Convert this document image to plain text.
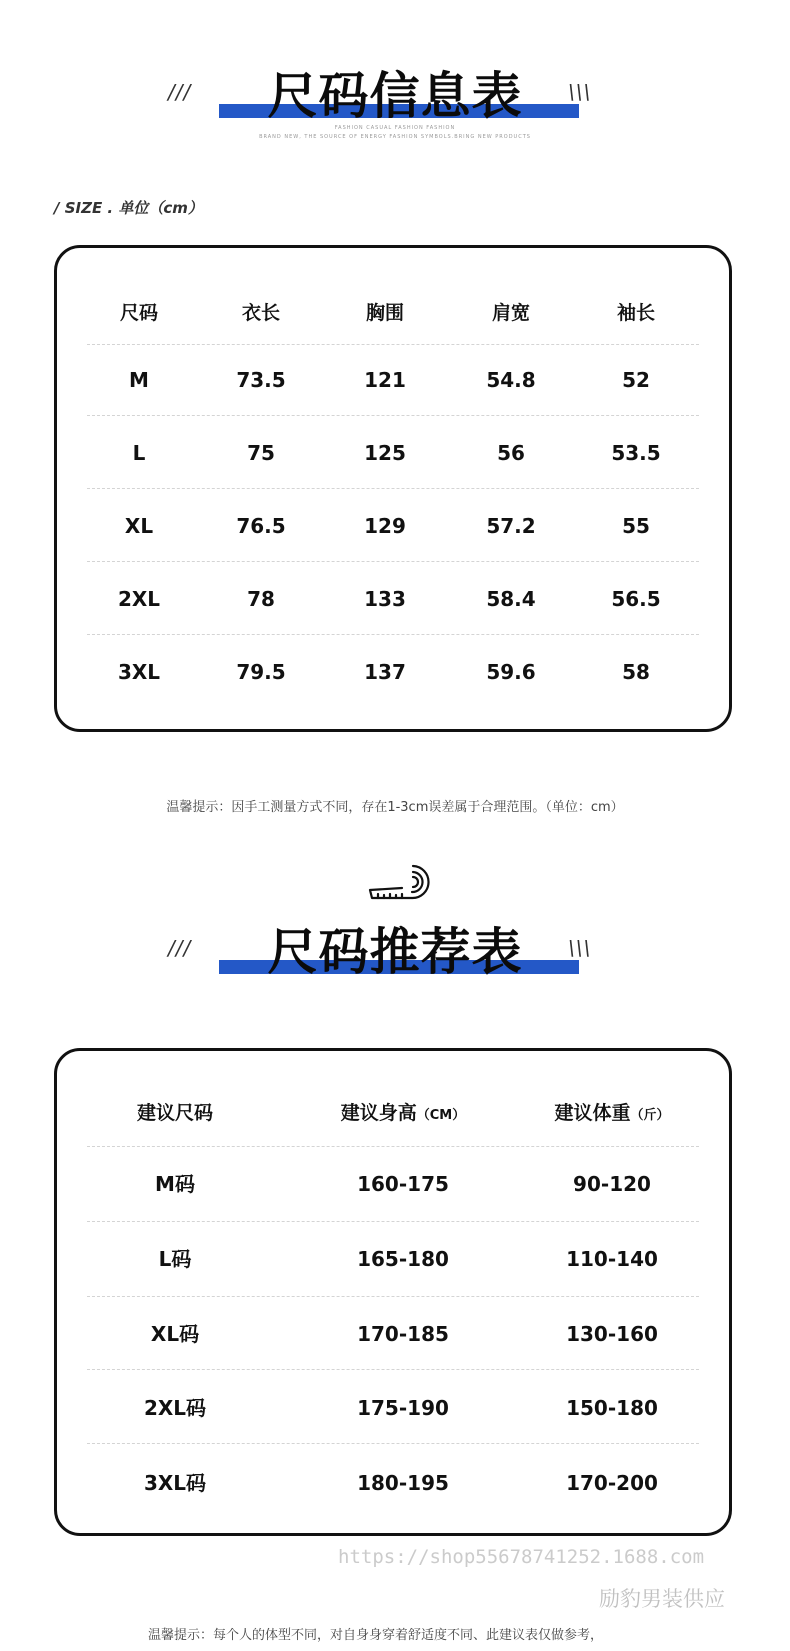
///	\\\
尺码信息表
FASHION CASUAL FASHION FASHION
BRAND NEW, THE SOURCE OF ENERGY FASHION SYMBOLS.BRING NEW PRODUCTS
/ SIZE . 单位（cm）
尺码	衣长	胸围	肩宽	袖长
M	73.5	121	54.8	52
L	75	125	56	53.5
XL	76.5	129	57.2	55
2XL	78	133	58.4	56.5
3XL	79.5	137	59.6	58
温馨提示：因手工测量方式不同，存在1-3cm误差属于合理范围。（单位：cm）
///	\\\
尺码推荐表
建议尺码	建议身高（CM）	建议体重（斤）
M码	160-175	90-120
L码	165-180	110-140
XL码	170-185	130-160
2XL码	175-190	150-180
3XL码	180-195	170-200
https://shop55678741252.1688.com
励豹男装供应
温馨提示：每个人的体型不同，对自身身穿着舒适度不同、此建议表仅做参考，
